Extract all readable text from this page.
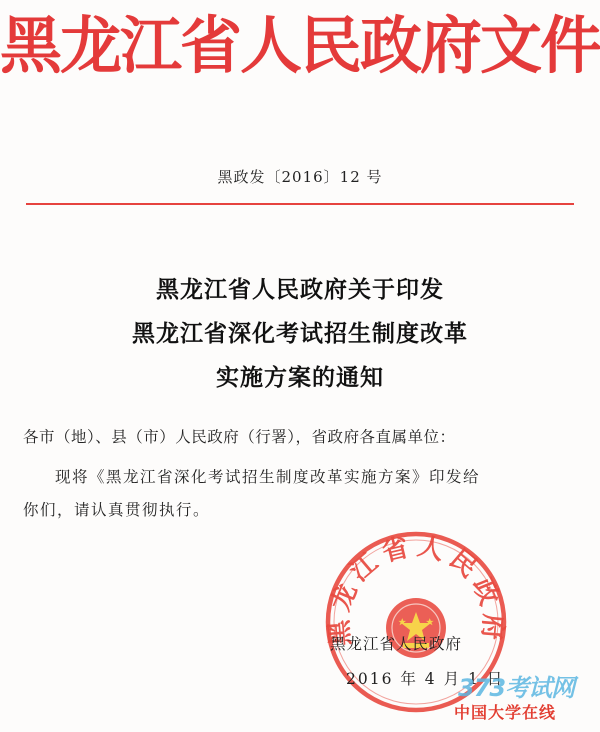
黑龙江省人民政府文件
黑政发〔2016〕12 号
黑龙江省人民政府关于印发
黑龙江省深化考试招生制度改革
实施方案的通知
各市（地）、县（市）人民政府（行署），省政府各直属单位：
现将《黑龙江省深化考试招生制度改革实施方案》印发给
你们，请认真贯彻执行。
黑龙江省人民政府
黑龙江省人民政府
2016 年 4 月 1 日
373考试网
中国大学在线
